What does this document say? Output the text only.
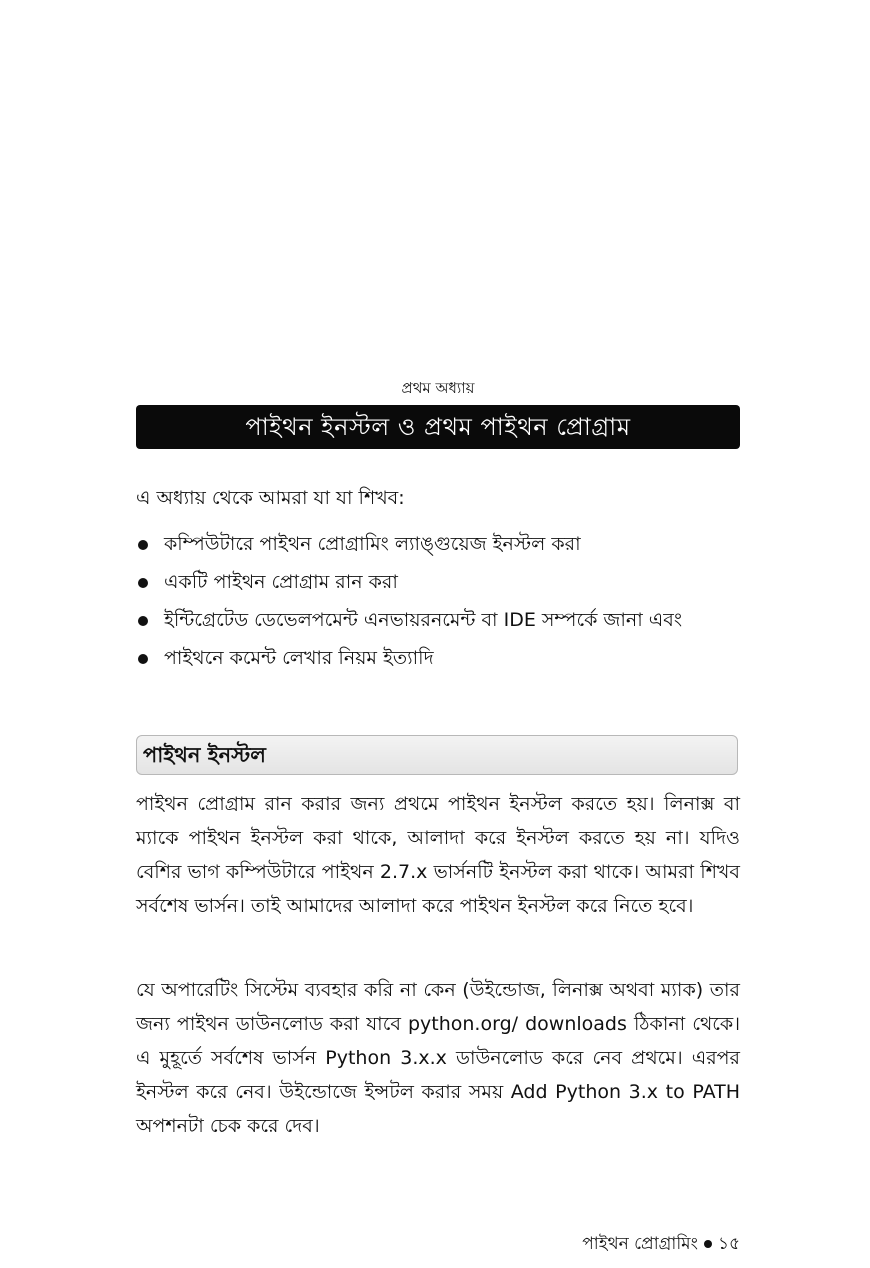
প্রথম অধ্যায়
পাইথন ইনস্টল ও প্রথম পাইথন প্রোগ্রাম
এ অধ্যায় থেকে আমরা যা যা শিখব:
কম্পিউটারে পাইথন প্রোগ্রামিং ল্যাঙ্গুয়েজ ইনস্টল করা
একটি পাইথন প্রোগ্রাম রান করা
ইন্টিগ্রেটেড ডেভেলপমেন্ট এনভায়রনমেন্ট বা IDE সম্পর্কে জানা এবং
পাইথনে কমেন্ট লেখার নিয়ম ইত্যাদি
পাইথন ইনস্টল

পাইথন প্রোগ্রাম রান করার জন্য প্রথমে পাইথন ইনস্টল করতে হয়। লিনাক্স বা ম্যাকে পাইথন ইনস্টল করা থাকে, আলাদা করে ইনস্টল করতে হয় না। যদিও বেশির ভাগ কম্পিউটারে পাইথন 2.7.x ভার্সনটি ইনস্টল করা থাকে। আমরা শিখব সর্বশেষ ভার্সন। তাই আমাদের আলাদা করে পাইথন ইনস্টল করে নিতে হবে।

যে অপারেটিং সিস্টেম ব্যবহার করি না কেন (উইন্ডোজ, লিনাক্স অথবা ম্যাক) তার জন্য পাইথন ডাউনলোড করা যাবে python.org/ downloads ঠিকানা থেকে। এ মুহূর্তে সর্বশেষ ভার্সন Python 3.x.x ডাউনলোড করে নেব প্রথমে। এরপর ইনস্টল করে নেব। উইন্ডোজে ইন্সটল করার সময় Add Python 3.x to PATH অপশনটা চেক করে দেব।

পাইথন প্রোগ্রামিং ১৫
